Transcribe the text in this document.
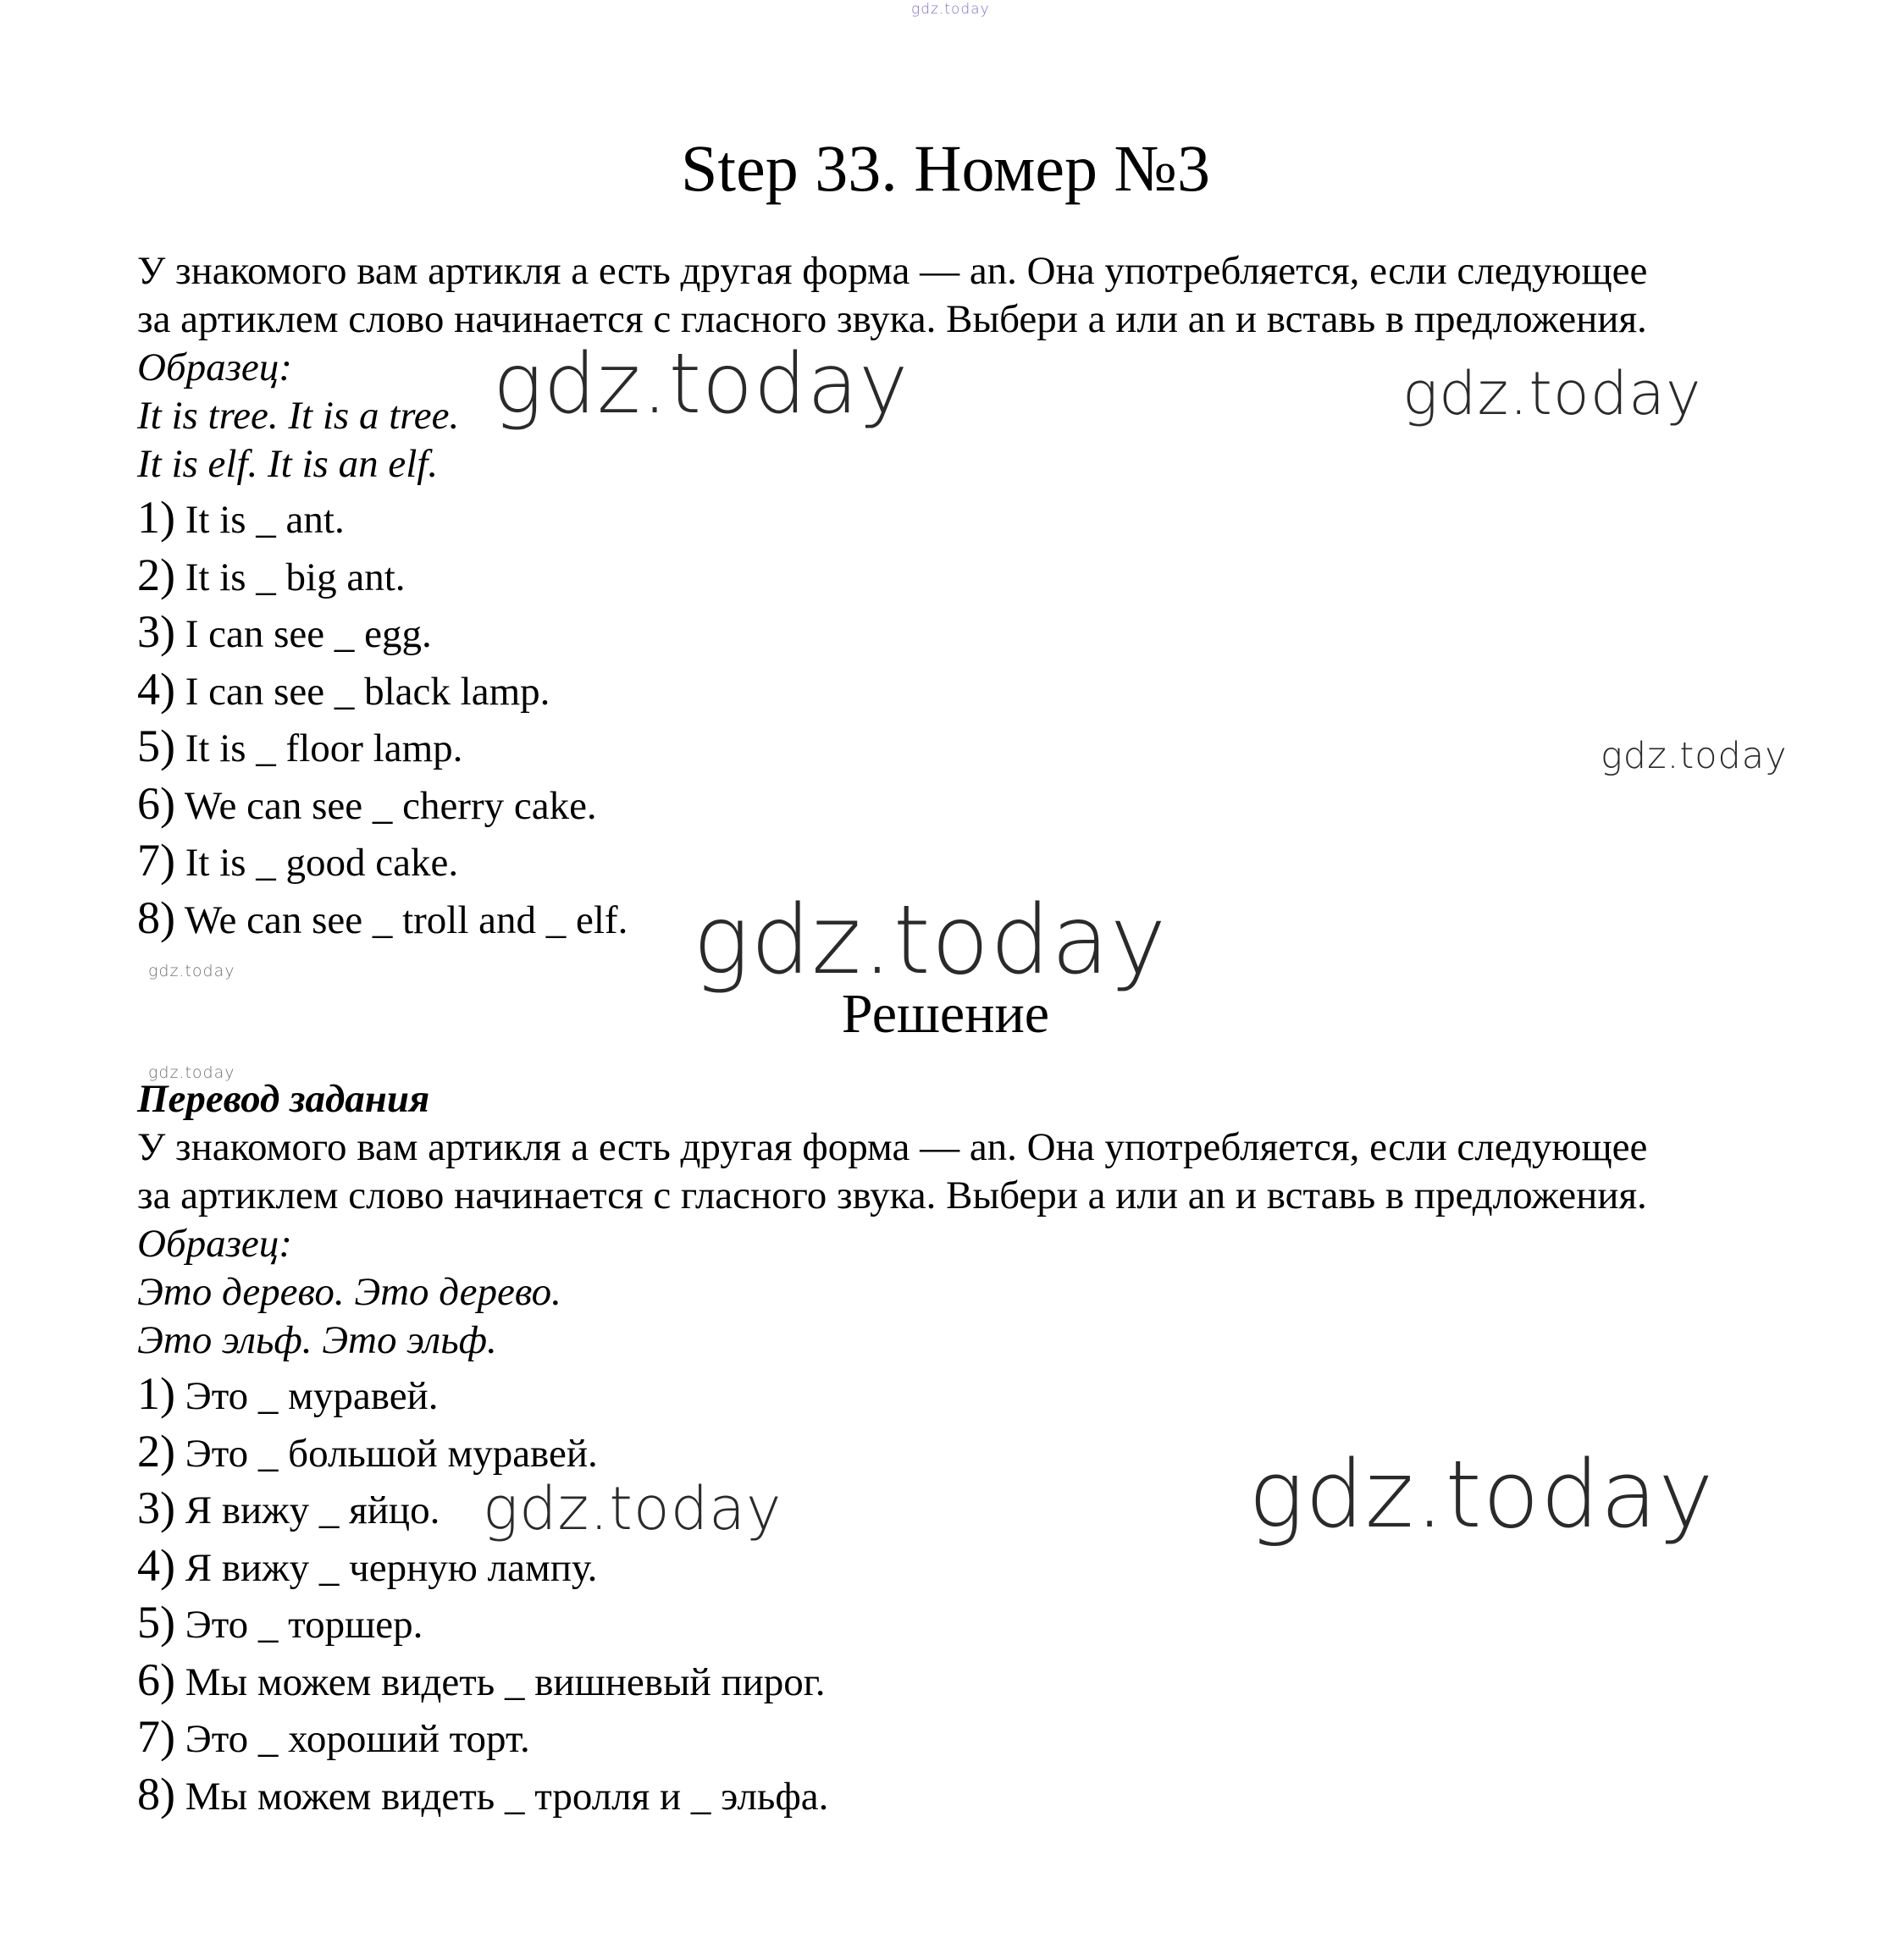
gdz.today
Step 33. Номер №3

У знакомого вам артикля a есть другая форма — an. Она употребляется, если следующее

за артиклем слово начинается с гласного звука. Выбери a или an и вставь в предложения.

Образец:

It is tree. It is a tree.

It is elf. It is an elf.

1) It is _ ant.
2) It is _ big ant.
3) I can see _ egg.
4) I can see _ black lamp.
5) It is _ floor lamp.
6) We can see _ cherry cake.
7) It is _ good cake.
8) We can see _ troll and _ elf.
Решение

Перевод задания

У знакомого вам артикля a есть другая форма — an. Она употребляется, если следующее

за артиклем слово начинается с гласного звука. Выбери a или an и вставь в предложения.

Образец:

Это дерево. Это дерево.

Это эльф. Это эльф.

1) Это _ муравей.
2) Это _ большой муравей.
3) Я вижу _ яйцо.
4) Я вижу _ черную лампу.
5) Это _ торшер.
6) Мы можем видеть _ вишневый пирог.
7) Это _ хороший торт.
8) Мы можем видеть _ тролля и _ эльфа.
gdz.today	gdz.today
gdz.today
gdz.today
gdz.today
gdz.today
gdz.today	gdz.today
